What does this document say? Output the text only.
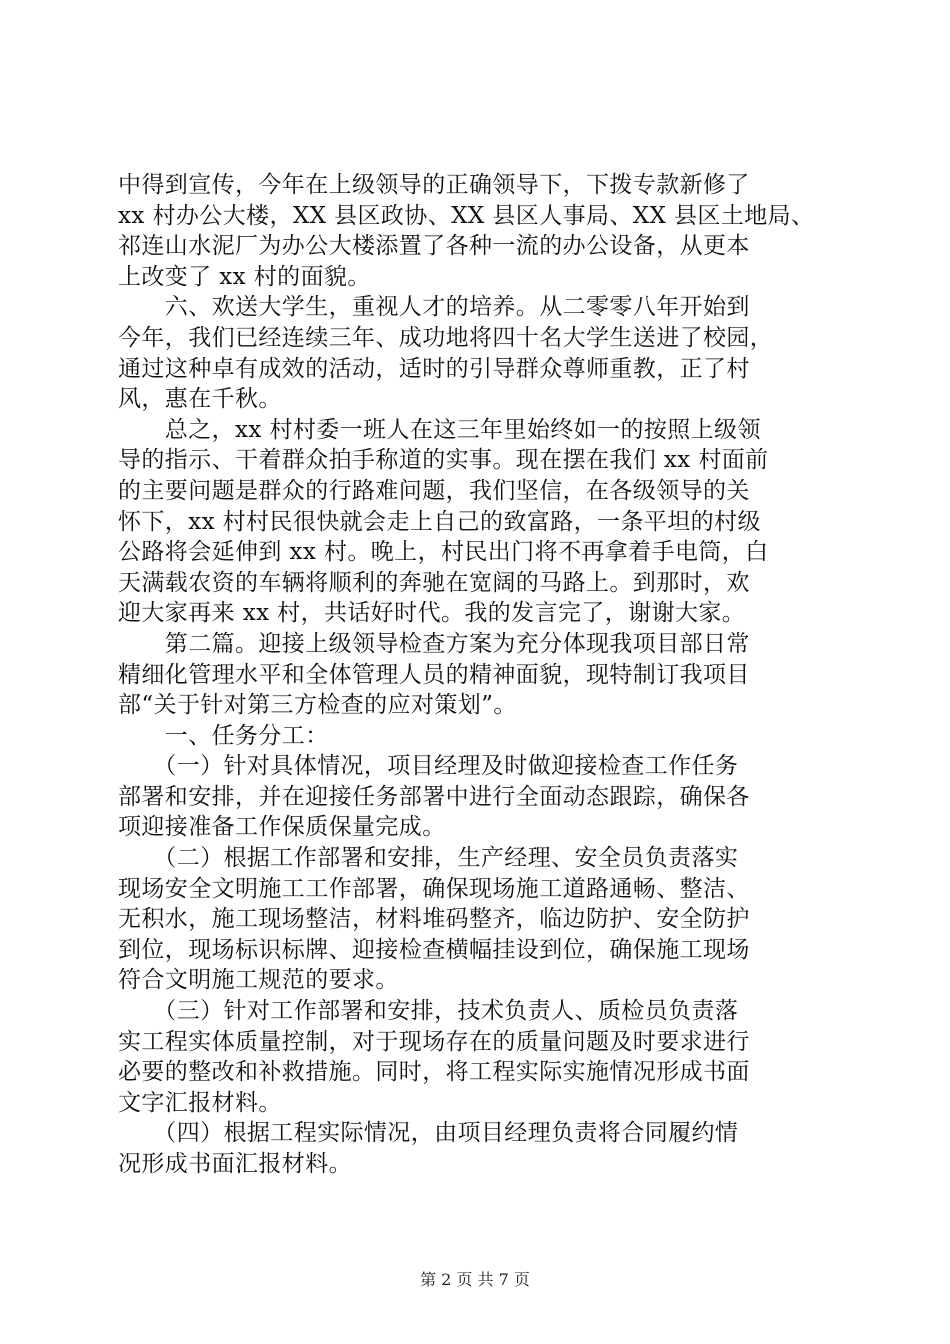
中得到宣传，今年在上级领导的正确领导下，下拨专款新修了
xx 村办公大楼，XX 县区政协、XX 县区人事局、XX 县区土地局、
祁连山水泥厂为办公大楼添置了各种一流的办公设备，从更本
上改变了 xx 村的面貌。
　　六、欢送大学生，重视人才的培养。从二零零八年开始到
今年，我们已经连续三年、成功地将四十名大学生送进了校园，
通过这种卓有成效的活动，适时的引导群众尊师重教，正了村
风，惠在千秋。
　　总之，xx 村村委一班人在这三年里始终如一的按照上级领
导的指示、干着群众拍手称道的实事。现在摆在我们 xx 村面前
的主要问题是群众的行路难问题，我们坚信，在各级领导的关
怀下，xx 村村民很快就会走上自己的致富路，一条平坦的村级
公路将会延伸到 xx 村。晚上，村民出门将不再拿着手电筒，白
天满载农资的车辆将顺利的奔驰在宽阔的马路上。到那时，欢
迎大家再来 xx 村，共话好时代。我的发言完了，谢谢大家。
　　第二篇。迎接上级领导检查方案为充分体现我项目部日常
精细化管理水平和全体管理人员的精神面貌，现特制订我项目
部“关于针对第三方检查的应对策划”。
　　一、任务分工：
　　（一）针对具体情况，项目经理及时做迎接检查工作任务
部署和安排，并在迎接任务部署中进行全面动态跟踪，确保各
项迎接准备工作保质保量完成。
　　（二）根据工作部署和安排，生产经理、安全员负责落实
现场安全文明施工工作部署，确保现场施工道路通畅、整洁、
无积水，施工现场整洁，材料堆码整齐，临边防护、安全防护
到位，现场标识标牌、迎接检查横幅挂设到位，确保施工现场
符合文明施工规范的要求。
　　（三）针对工作部署和安排，技术负责人、质检员负责落
实工程实体质量控制，对于现场存在的质量问题及时要求进行
必要的整改和补救措施。同时，将工程实际实施情况形成书面
文字汇报材料。
　　（四）根据工程实际情况，由项目经理负责将合同履约情
况形成书面汇报材料。
第 2 页 共 7 页
